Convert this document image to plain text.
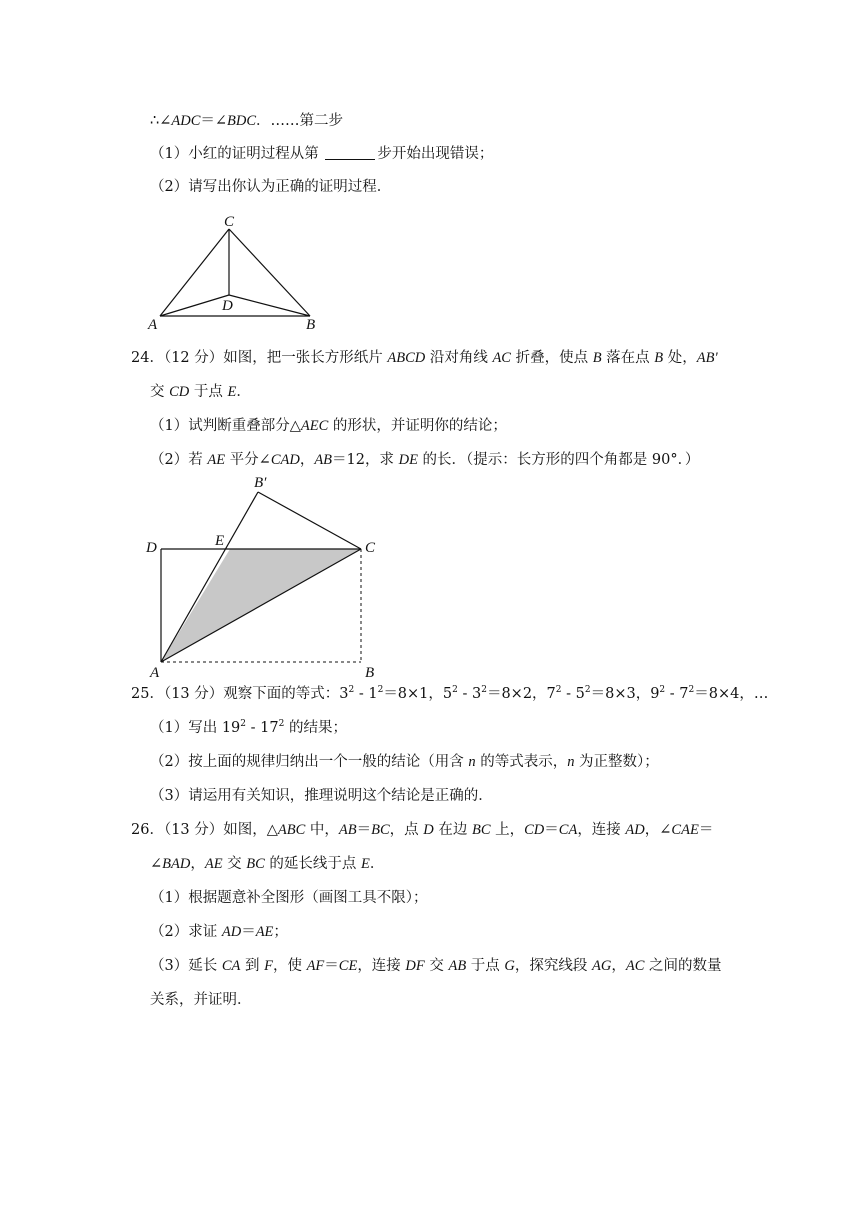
∴∠ADC＝∠BDC．……第二步
（1）小红的证明过程从第	步开始出现错误；
（2）请写出你认为正确的证明过程．
C
D
A	B
24．（12 分）如图，把一张长方形纸片 ABCD 沿对角线 AC 折叠，使点 B 落在点 B 处，AB'
交 CD 于点 E．
（1）试判断重叠部分△AEC 的形状，并证明你的结论；
（2）若 AE 平分∠CAD，AB＝12，求 DE 的长．（提示：长方形的四个角都是 90°．）
B′
D	E	C
A	B
25．（13 分）观察下面的等式：$3^2 - 1^2=8\times 1$，$5^2 - 3^2=8\times 2$，$7^2 - 5^2=8\times 3$，$9^2 - 7^2=8\times 4$，…
（1）写出 $19^2 - 17^2$ 的结果；
（2）按上面的规律归纳出一个一般的结论（用含 n 的等式表示，n 为正整数）；
（3）请运用有关知识，推理说明这个结论是正确的．
26．（13 分）如图，△ABC 中，AB＝BC，点 D 在边 BC 上，CD＝CA，连接 AD，∠CAE＝
∠BAD，AE 交 BC 的延长线于点 E．
（1）根据题意补全图形（画图工具不限）；
（2）求证 AD＝AE；
（3）延长 CA 到 F，使 AF＝CE，连接 DF 交 AB 于点 G，探究线段 AG，AC 之间的数量
关系，并证明．
